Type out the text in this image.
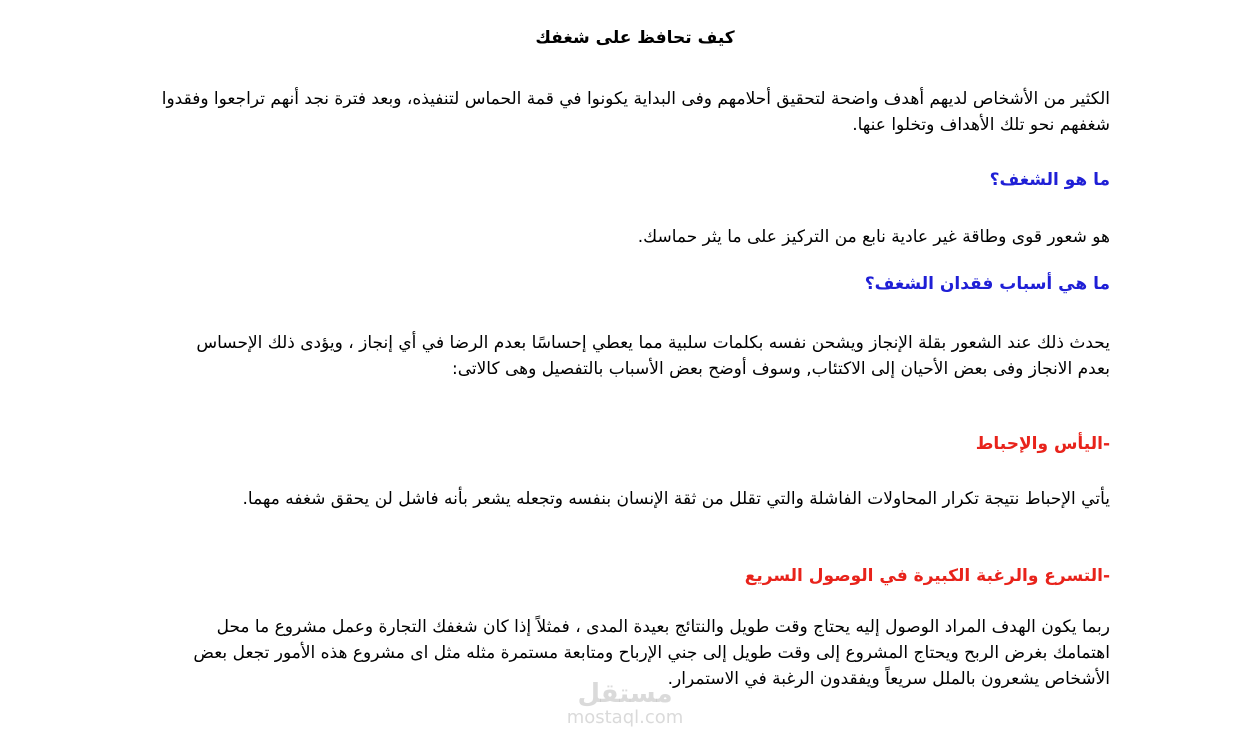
كيف تحافظ على شغفك

الكثير من الأشخاص لديهم أهدف واضحة لتحقيق أحلامهم وفى البداية يكونوا في قمة الحماس لتنفيذه، وبعد فترة نجد أنهم تراجعوا وفقدوا شغفهم نحو تلك الأهداف وتخلوا عنها.

ما هو الشغف؟

هو شعور قوى وطاقة غير عادية نابع من التركيز على ما يثر حماسك.

ما هي أسباب فقدان الشغف؟

يحدث ذلك عند الشعور بقلة الإنجاز ويشحن نفسه بكلمات سلبية مما يعطي إحساسًا بعدم الرضا في أي إنجاز ، ويؤدى ذلك الإحساس بعدم الانجاز وفى بعض الأحيان إلى الاكتئاب, وسوف أوضح بعض الأسباب بالتفصيل وهى كالاتى:

-اليأس والإحباط

يأتي الإحباط نتيجة تكرار المحاولات الفاشلة والتي تقلل من ثقة الإنسان بنفسه وتجعله يشعر بأنه فاشل لن يحقق شغفه مهما.

-التسرع والرغبة الكبيرة في الوصول السريع

ربما يكون الهدف المراد الوصول إليه يحتاج وقت طويل والنتائج بعيدة المدى ، فمثلاً إذا كان شغفك التجارة وعمل مشروع ما محل اهتمامك بغرض الربح ويحتاج المشروع إلى وقت طويل إلى جني الإرباح ومتابعة مستمرة مثله مثل اى مشروع هذه الأمور تجعل بعض الأشخاص يشعرون بالملل سريعاً ويفقدون الرغبة في الاستمرار.

مستقل
mostaql.com
